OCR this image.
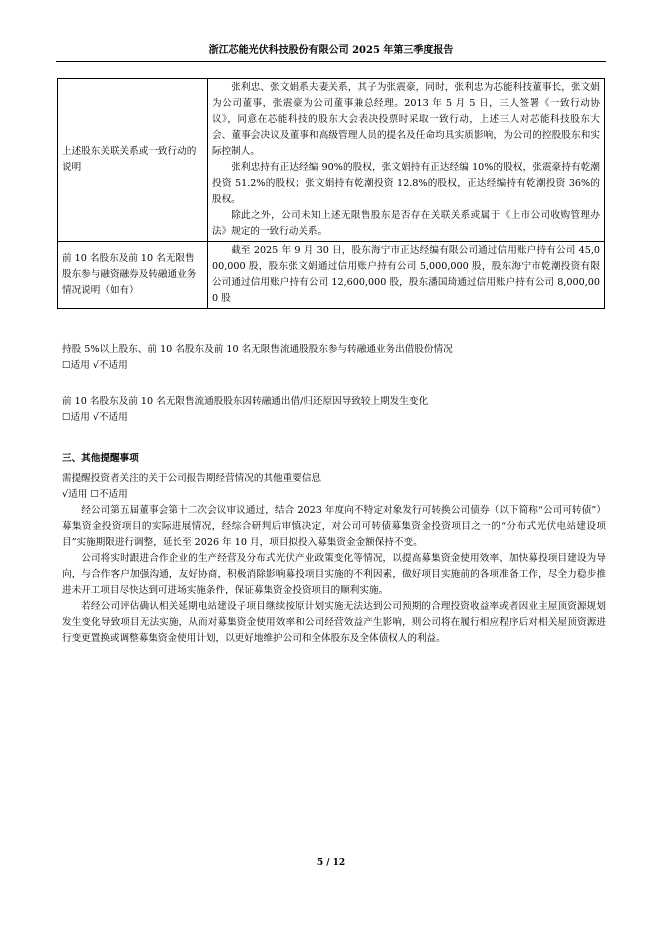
浙江芯能光伏科技股份有限公司 2025 年第三季度报告
上述股东关联关系或一致行动的说明	张利忠、张文娟系夫妻关系，其子为张震豪，同时，张利忠为芯能科技董事长，张文娟为公司董事，张震豪为公司董事兼总经理。2013 年 5 月 5 日，三人签署《一致行动协议》，同意在芯能科技的股东大会表决投票时采取一致行动，上述三人对芯能科技股东大会、董事会决议及董事和高级管理人员的提名及任命均具实质影响，为公司的控股股东和实际控制人。

张利忠持有正达经编 90%的股权，张文娟持有正达经编 10%的股权，张震豪持有乾潮投资 51.2%的股权；张文娟持有乾潮投资 12.8%的股权，正达经编持有乾潮投资 36%的股权。

除此之外，公司未知上述无限售股东是否存在关联关系或属于《上市公司收购管理办法》规定的一致行动关系。

前 10 名股东及前 10 名无限售股东参与融资融券及转融通业务情况说明（如有）	截至 2025 年 9 月 30 日，股东海宁市正达经编有限公司通过信用账户持有公司 45,000,000 股，股东张文娟通过信用账户持有公司 5,000,000 股，股东海宁市乾潮投资有限公司通过信用账户持有公司 12,600,000 股，股东潘国琦通过信用账户持有公司 8,000,000 股

持股 5%以上股东、前 10 名股东及前 10 名无限售流通股股东参与转融通业务出借股份情况

☐适用 √不适用

前 10 名股东及前 10 名无限售流通股股东因转融通出借/归还原因导致较上期发生变化

☐适用 √不适用

三、其他提醒事项

需提醒投资者关注的关于公司报告期经营情况的其他重要信息

√适用 ☐不适用

经公司第五届董事会第十二次会议审议通过，结合 2023 年度向不特定对象发行可转换公司债券（以下简称“公司可转债”）募集资金投资项目的实际进展情况，经综合研判后审慎决定，对公司可转债募集资金投资项目之一的“分布式光伏电站建设项目”实施期限进行调整，延长至 2026 年 10 月，项目拟投入募集资金金额保持不变。

公司将实时跟进合作企业的生产经营及分布式光伏产业政策变化等情况，以提高募集资金使用效率、加快募投项目建设为导向，与合作客户加强沟通，友好协商，积极消除影响募投项目实施的不利因素，做好项目实施前的各项准备工作，尽全力稳步推进未开工项目尽快达到可进场实施条件，保证募集资金投资项目的顺利实施。

若经公司评估确认相关延期电站建设子项目继续按原计划实施无法达到公司预期的合理投资收益率或者因业主屋顶资源规划发生变化导致项目无法实施，从而对募集资金使用效率和公司经营效益产生影响，则公司将在履行相应程序后对相关屋顶资源进行变更置换或调整募集资金使用计划，以更好地维护公司和全体股东及全体债权人的利益。

5 / 12
